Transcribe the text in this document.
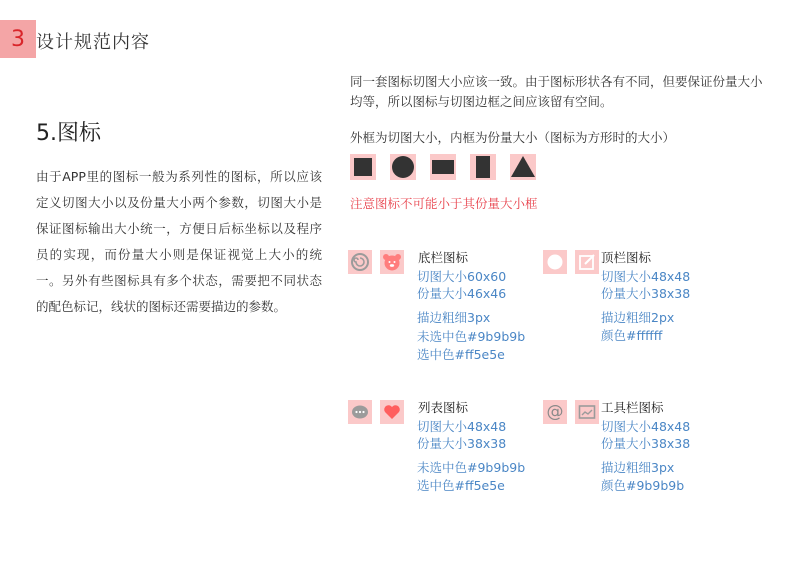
3 设计规范内容
5.图标
由于APP里的图标一般为系列性的图标，所以应该定义切图大小以及份量大小两个参数，切图大小是保证图标输出大小统一，方便日后标坐标以及程序员的实现，而份量大小则是保证视觉上大小的统一。另外有些图标具有多个状态，需要把不同状态的配色标记，线状的图标还需要描边的参数。
同一套图标切图大小应该一致。由于图标形状各有不同，但要保证份量大小均等，所以图标与切图边框之间应该留有空间。
外框为切图大小，内框为份量大小（图标为方形时的大小）
注意图标不可能小于其份量大小框
底栏图标
切图大小60x60
份量大小46x46
描边粗细3px
未选中色#9b9b9b
选中色#ff5e5e
顶栏图标
切图大小48x48
份量大小38x38
描边粗细2px
颜色#ffffff
列表图标
切图大小48x48
份量大小38x38
未选中色#9b9b9b
选中色#ff5e5e
@	工具栏图标
切图大小48x48
份量大小38x38
描边粗细3px
颜色#9b9b9b
